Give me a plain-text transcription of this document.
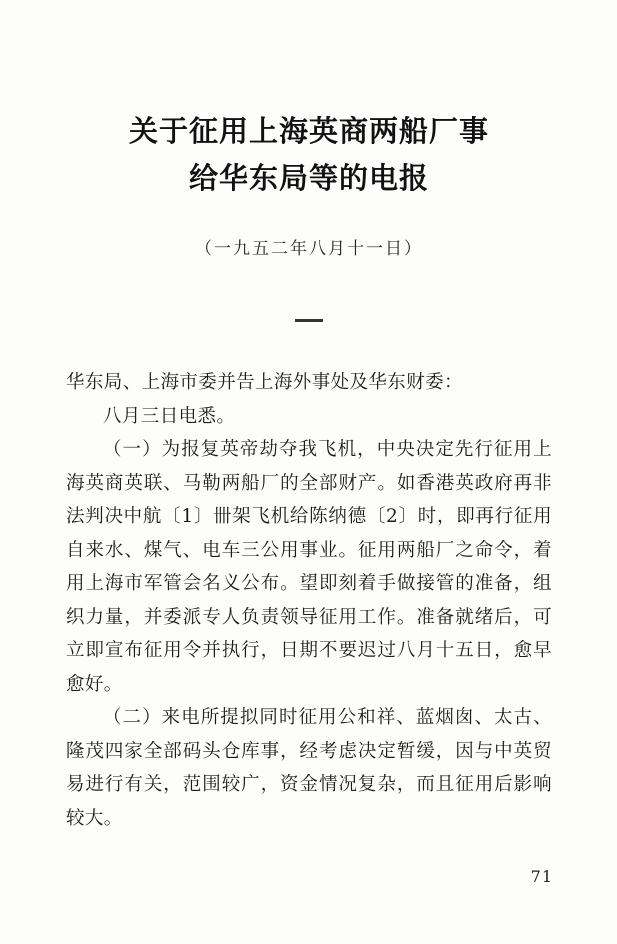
关于征用上海英商两船厂事
给华东局等的电报

（一九五二年八月十一日）

华东局、上海市委并告上海外事处及华东财委：

八月三日电悉。

（一）为报复英帝劫夺我飞机，中央决定先行征用上海英商英联、马勒两船厂的全部财产。如香港英政府再非法判决中航〔1〕卌架飞机给陈纳德〔2〕时，即再行征用自来水、煤气、电车三公用事业。征用两船厂之命令，着用上海市军管会名义公布。望即刻着手做接管的准备，组织力量，并委派专人负责领导征用工作。准备就绪后，可立即宣布征用令并执行，日期不要迟过八月十五日，愈早愈好。

（二）来电所提拟同时征用公和祥、蓝烟囱、太古、隆茂四家全部码头仓库事，经考虑决定暂缓，因与中英贸易进行有关，范围较广，资金情况复杂，而且征用后影响较大。

71
